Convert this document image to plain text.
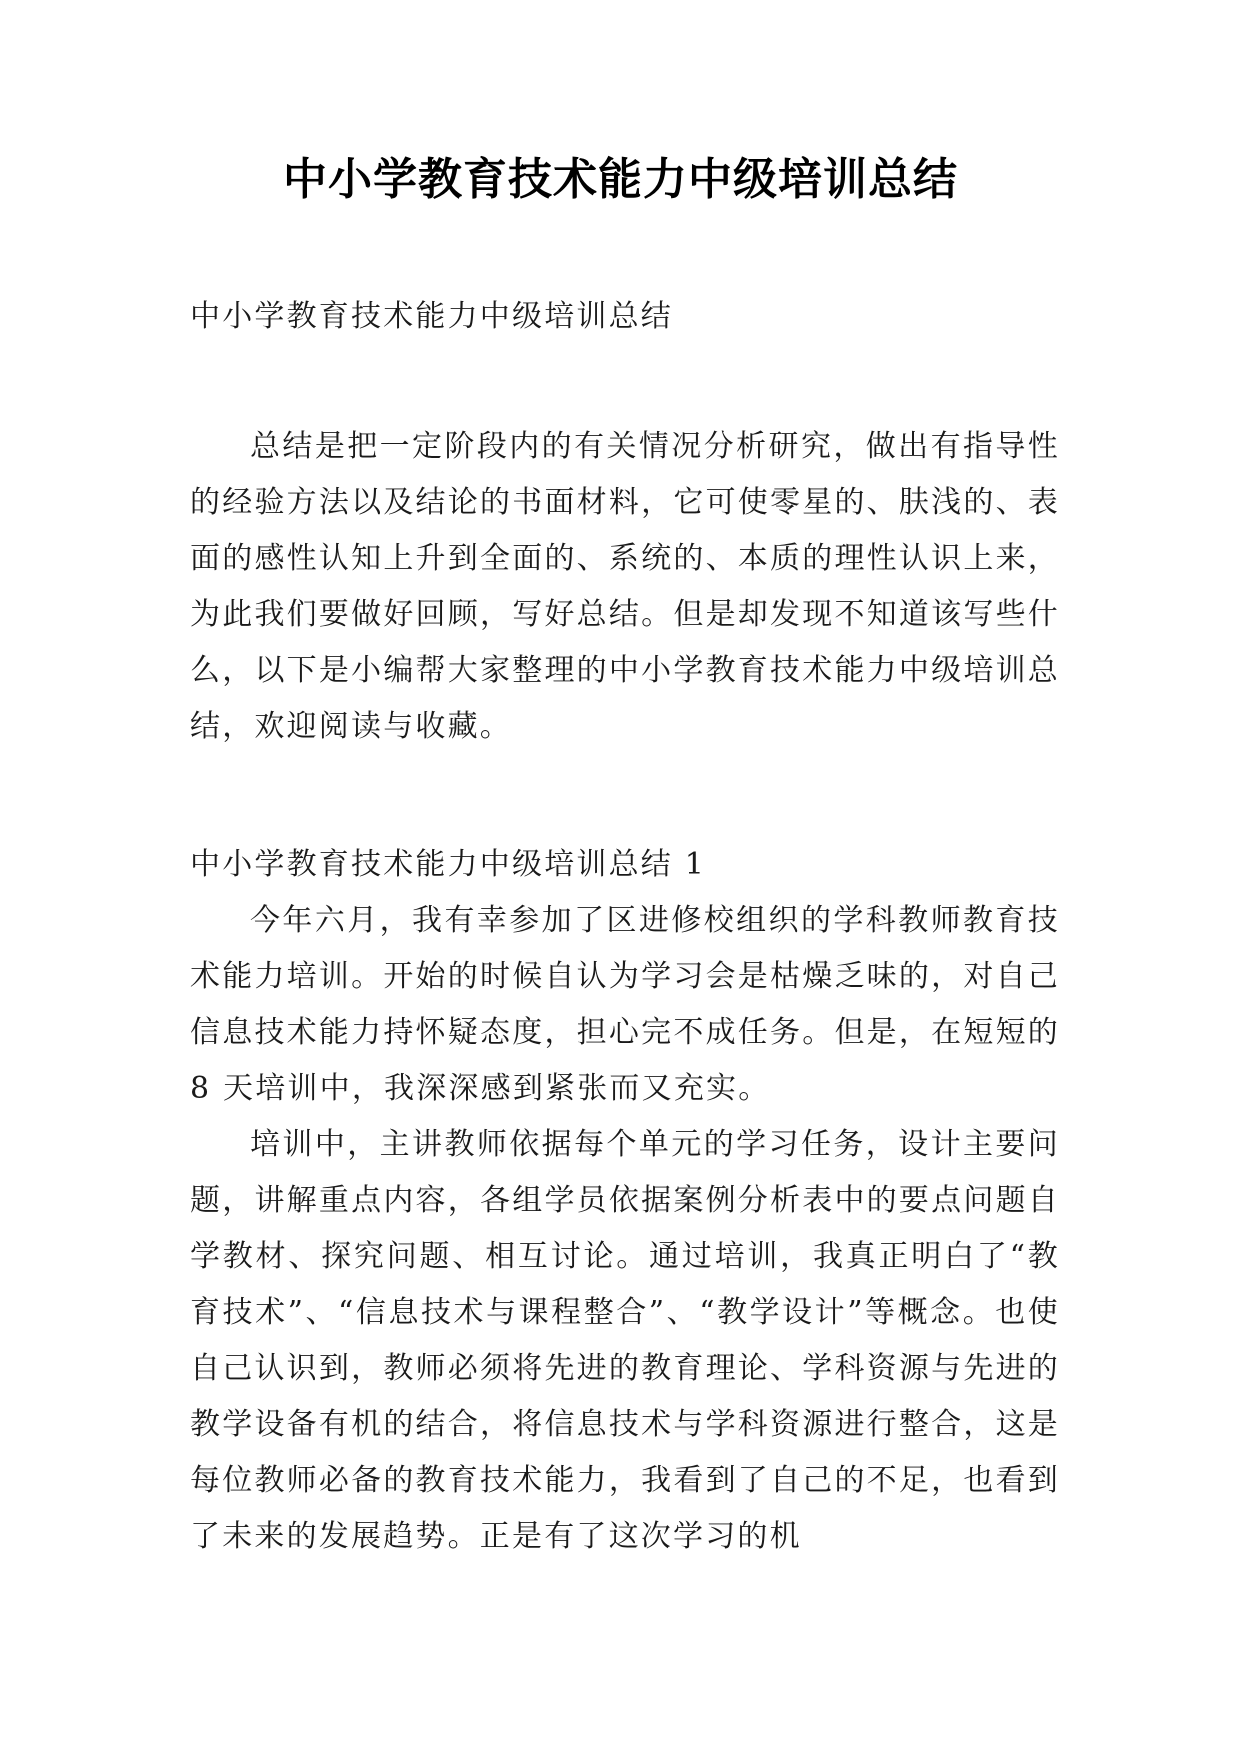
中小学教育技术能力中级培训总结

中小学教育技术能力中级培训总结

总结是把一定阶段内的有关情况分析研究，做出有指导性的经验方法以及结论的书面材料，它可使零星的、肤浅的、表面的感性认知上升到全面的、系统的、本质的理性认识上来，为此我们要做好回顾，写好总结。但是却发现不知道该写些什么，以下是小编帮大家整理的中小学教育技术能力中级培训总结，欢迎阅读与收藏。

中小学教育技术能力中级培训总结 1

今年六月，我有幸参加了区进修校组织的学科教师教育技术能力培训。开始的时候自认为学习会是枯燥乏味的，对自己信息技术能力持怀疑态度，担心完不成任务。但是，在短短的 8 天培训中，我深深感到紧张而又充实。

培训中，主讲教师依据每个单元的学习任务，设计主要问题，讲解重点内容，各组学员依据案例分析表中的要点问题自学教材、探究问题、相互讨论。通过培训，我真正明白了“教育技术”、“信息技术与课程整合”、“教学设计”等概念。也使自己认识到，教师必须将先进的教育理论、学科资源与先进的教学设备有机的结合，将信息技术与学科资源进行整合，这是每位教师必备的教育技术能力，我看到了自己的不足，也看到了未来的发展趋势。正是有了这次学习的机
